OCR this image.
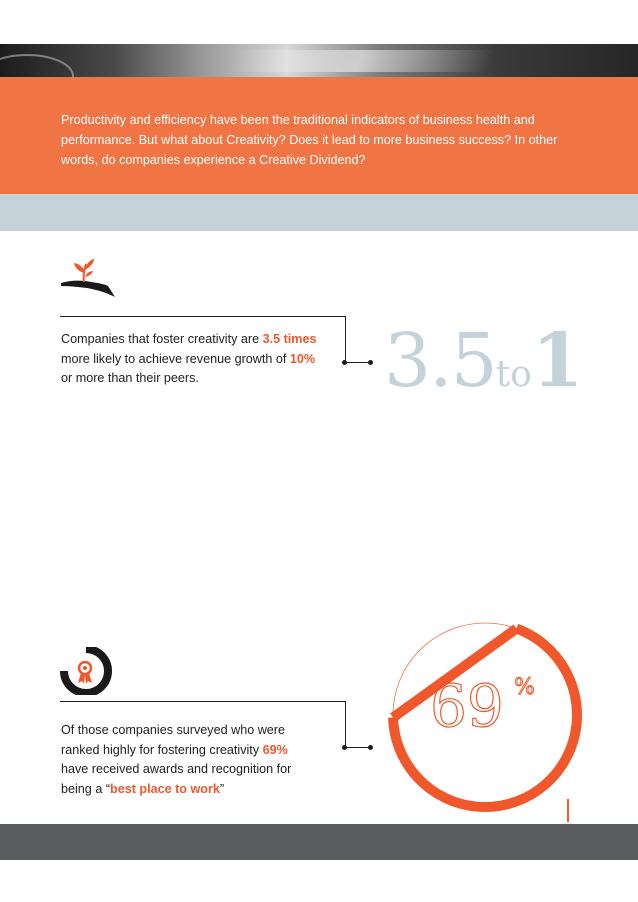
Productivity and efficiency have been the traditional indicators of business health and performance. But what about Creativity? Does it lead to more business success? In other words, do companies experience a Creative Dividend?
Companies that foster creativity are 3.5 times
more likely to achieve revenue growth of 10%
or more than their peers.	3.5to1
Of those companies surveyed who were
ranked highly for fostering creativity 69%
have received awards and recognition for
being a “best place to work”
69 %
